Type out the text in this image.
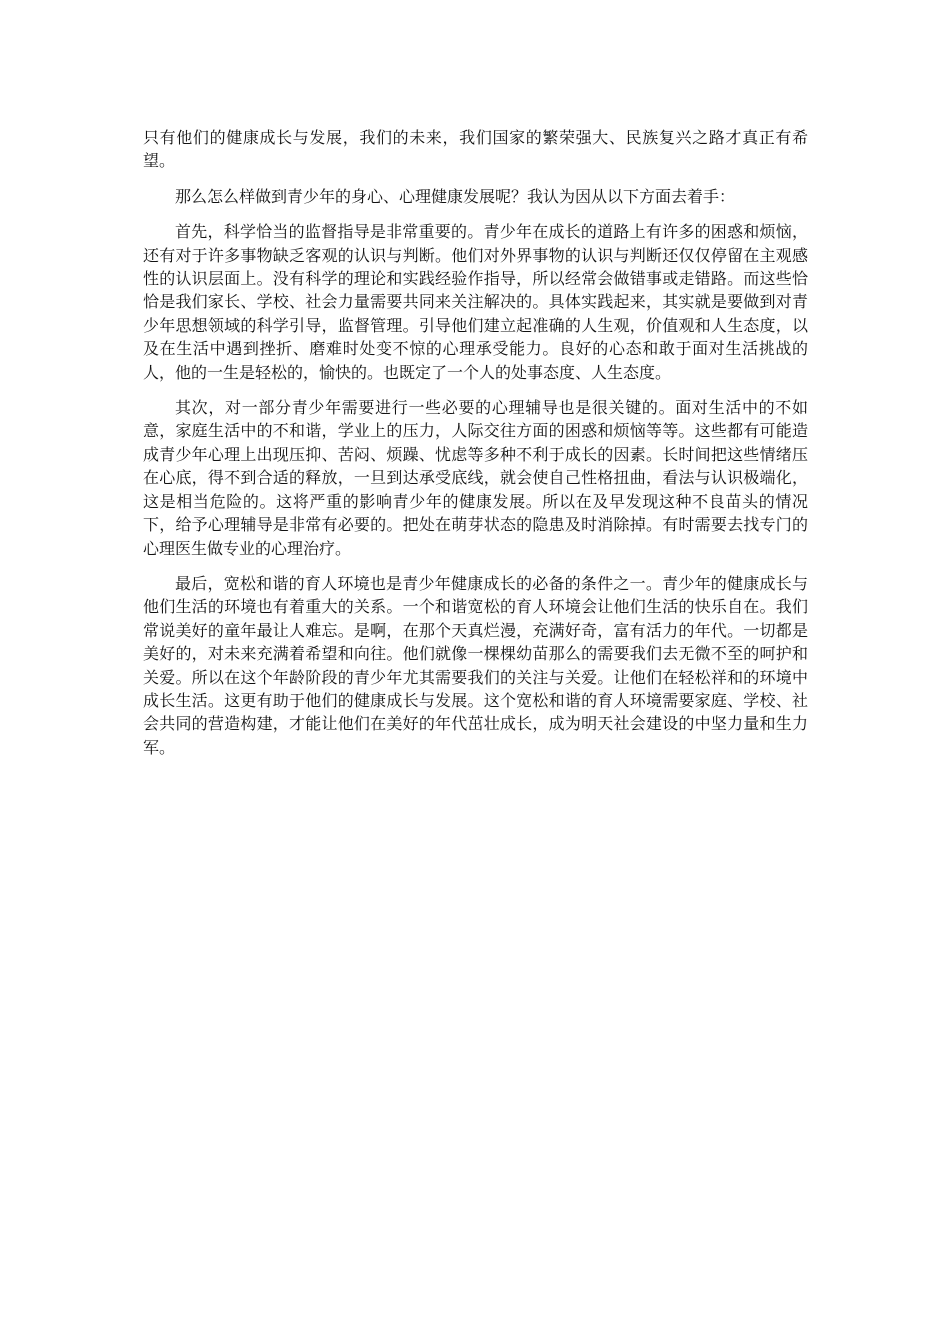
只有他们的健康成长与发展，我们的未来，我们国家的繁荣强大、民族复兴之路才真正有希望。

那么怎么样做到青少年的身心、心理健康发展呢？我认为因从以下方面去着手：

首先，科学恰当的监督指导是非常重要的。青少年在成长的道路上有许多的困惑和烦恼，还有对于许多事物缺乏客观的认识与判断。他们对外界事物的认识与判断还仅仅停留在主观感性的认识层面上。没有科学的理论和实践经验作指导，所以经常会做错事或走错路。而这些恰恰是我们家长、学校、社会力量需要共同来关注解决的。具体实践起来，其实就是要做到对青少年思想领域的科学引导，监督管理。引导他们建立起准确的人生观，价值观和人生态度，以及在生活中遇到挫折、磨难时处变不惊的心理承受能力。良好的心态和敢于面对生活挑战的人，他的一生是轻松的，愉快的。也既定了一个人的处事态度、人生态度。

其次，对一部分青少年需要进行一些必要的心理辅导也是很关键的。面对生活中的不如意，家庭生活中的不和谐，学业上的压力，人际交往方面的困惑和烦恼等等。这些都有可能造成青少年心理上出现压抑、苦闷、烦躁、忧虑等多种不利于成长的因素。长时间把这些情绪压在心底，得不到合适的释放，一旦到达承受底线，就会使自己性格扭曲，看法与认识极端化，这是相当危险的。这将严重的影响青少年的健康发展。所以在及早发现这种不良苗头的情况下，给予心理辅导是非常有必要的。把处在萌芽状态的隐患及时消除掉。有时需要去找专门的心理医生做专业的心理治疗。

最后，宽松和谐的育人环境也是青少年健康成长的必备的条件之一。青少年的健康成长与他们生活的环境也有着重大的关系。一个和谐宽松的育人环境会让他们生活的快乐自在。我们常说美好的童年最让人难忘。是啊，在那个天真烂漫，充满好奇，富有活力的年代。一切都是美好的，对未来充满着希望和向往。他们就像一棵棵幼苗那么的需要我们去无微不至的呵护和关爱。所以在这个年龄阶段的青少年尤其需要我们的关注与关爱。让他们在轻松祥和的环境中成长生活。这更有助于他们的健康成长与发展。这个宽松和谐的育人环境需要家庭、学校、社会共同的营造构建，才能让他们在美好的年代茁壮成长，成为明天社会建设的中坚力量和生力军。
